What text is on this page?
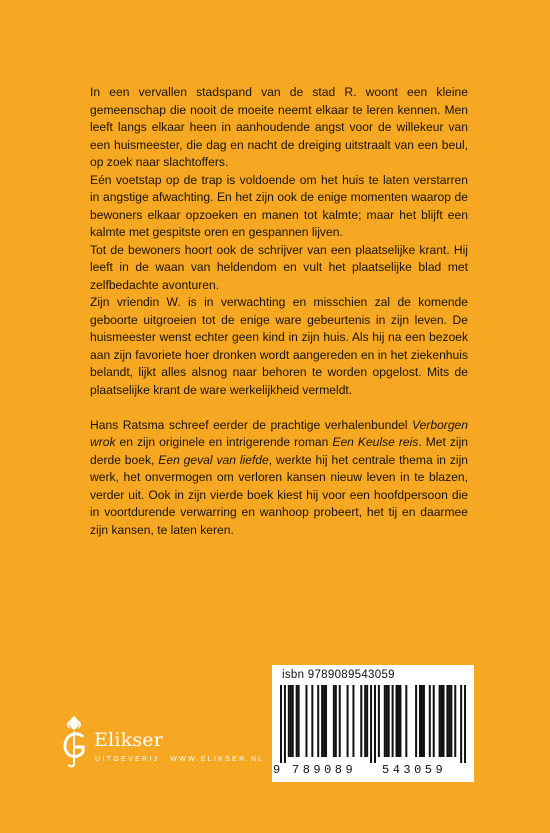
In een vervallen stadspand van de stad R. woont een kleine gemeenschap die nooit de moeite neemt elkaar te leren kennen. Men leeft langs elkaar heen in aanhoudende angst voor de willekeur van een huismeester, die dag en nacht de dreiging uitstraalt van een beul, op zoek naar slachtoffers.

Eén voetstap op de trap is voldoende om het huis te laten verstarren in angstige afwachting. En het zijn ook de enige momenten waarop de bewoners elkaar opzoeken en manen tot kalmte; maar het blijft een kalmte met gespitste oren en gespannen lijven.

Tot de bewoners hoort ook de schrijver van een plaatselijke krant. Hij leeft in de waan van heldendom en vult het plaatselijke blad met zelfbedachte avonturen.

Zijn vriendin W. is in verwachting en misschien zal de komende geboorte uitgroeien tot de enige ware gebeurtenis in zijn leven. De huismeester wenst echter geen kind in zijn huis. Als hij na een bezoek aan zijn favoriete hoer dronken wordt aangereden en in het ziekenhuis belandt, lijkt alles alsnog naar behoren te worden opgelost. Mits de plaatselijke krant de ware werkelijkheid vermeldt.

Hans Ratsma schreef eerder de prachtige verhalenbundel Verborgen wrok en zijn originele en intrigerende roman Een Keulse reis. Met zijn derde boek, Een geval van liefde, werkte hij het centrale thema in zijn werk, het onvermogen om verloren kansen nieuw leven in te blazen, verder uit. Ook in zijn vierde boek kiest hij voor een hoofdpersoon die in voortdurende verwarring en wanhoop probeert, het tij en daarmee zijn kansen, te laten keren.

Elikser
UITGEVERIJ WWW.ELIKSER.NL
isbn 9789089543059

9

789089

543059
